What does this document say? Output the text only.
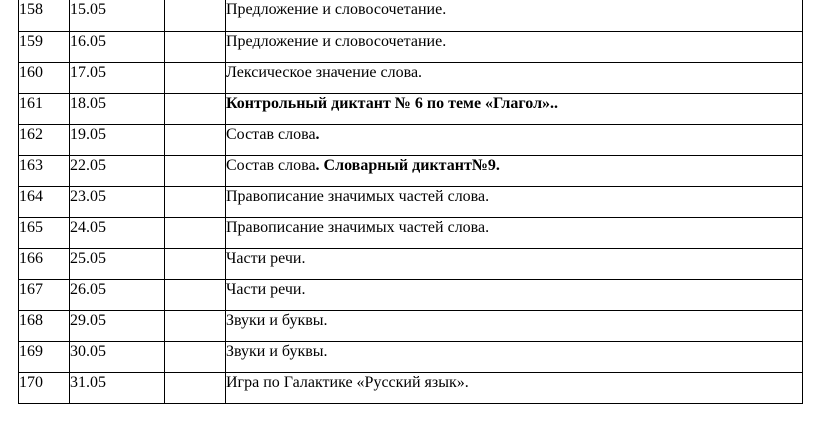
158	15.05		Предложение и словосочетание.
159	16.05		Предложение и словосочетание.
160	17.05		Лексическое значение слова.
161	18.05		Контрольный диктант № 6 по теме «Глагол»..
162	19.05		Состав слова.
163	22.05		Состав слова. Словарный диктант№9.
164	23.05		Правописание значимых частей слова.
165	24.05		Правописание значимых частей слова.
166	25.05		Части речи.
167	26.05		Части речи.
168	29.05		Звуки и буквы.
169	30.05		Звуки и буквы.
170	31.05		Игра по Галактике «Русский язык».
